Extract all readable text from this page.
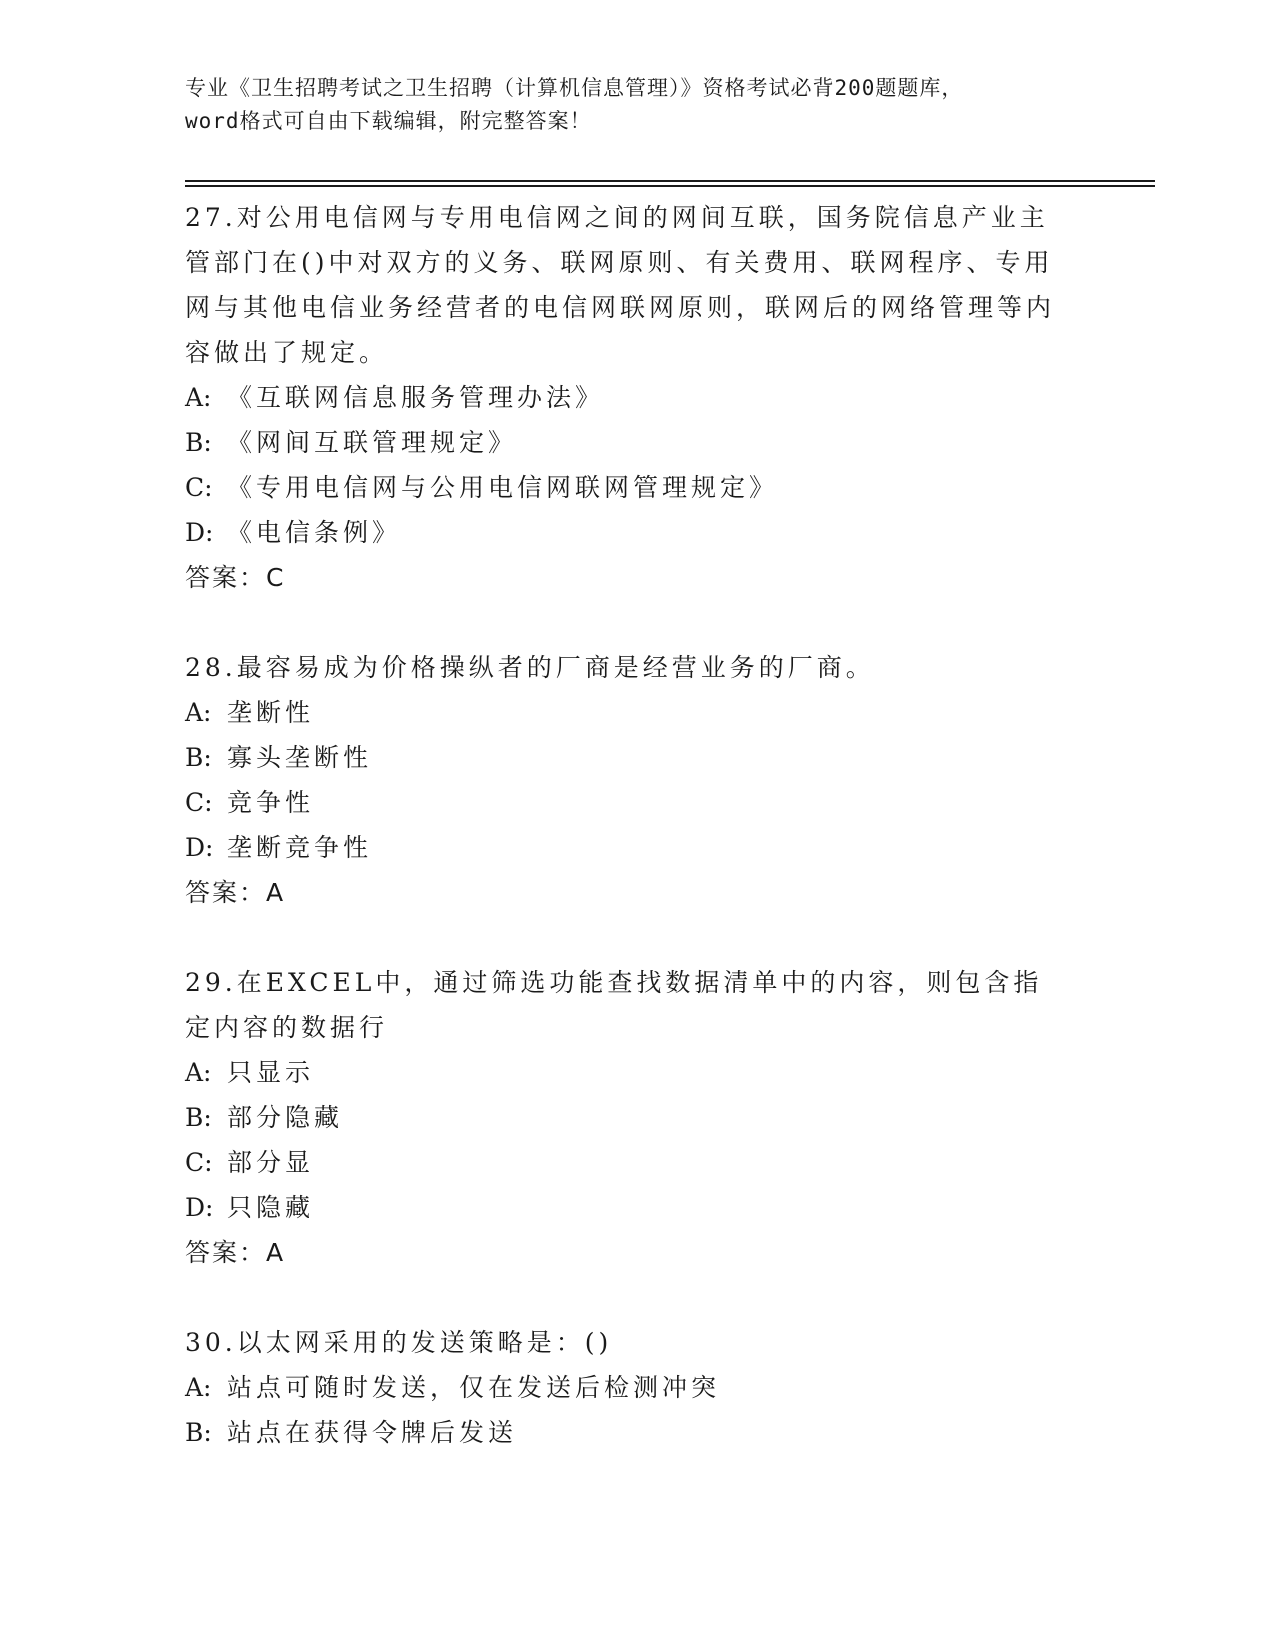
专业《卫生招聘考试之卫生招聘（计算机信息管理）》资格考试必背200题题库，

word格式可自由下载编辑，附完整答案！

27.对公用电信网与专用电信网之间的网间互联，国务院信息产业主管部门在()中对双方的义务、联网原则、有关费用、联网程序、专用网与其他电信业务经营者的电信网联网原则，联网后的网络管理等内容做出了规定。

A: 《互联网信息服务管理办法》

B: 《网间互联管理规定》

C: 《专用电信网与公用电信网联网管理规定》

D: 《电信条例》

答案：C

28.最容易成为价格操纵者的厂商是经营业务的厂商。

A: 垄断性

B: 寡头垄断性

C: 竞争性

D: 垄断竞争性

答案：A

29.在EXCEL中，通过筛选功能查找数据清单中的内容，则包含指定内容的数据行

A: 只显示

B: 部分隐藏

C: 部分显

D: 只隐藏

答案：A

30.以太网采用的发送策略是：()

A: 站点可随时发送，仅在发送后检测冲突

B: 站点在获得令牌后发送
